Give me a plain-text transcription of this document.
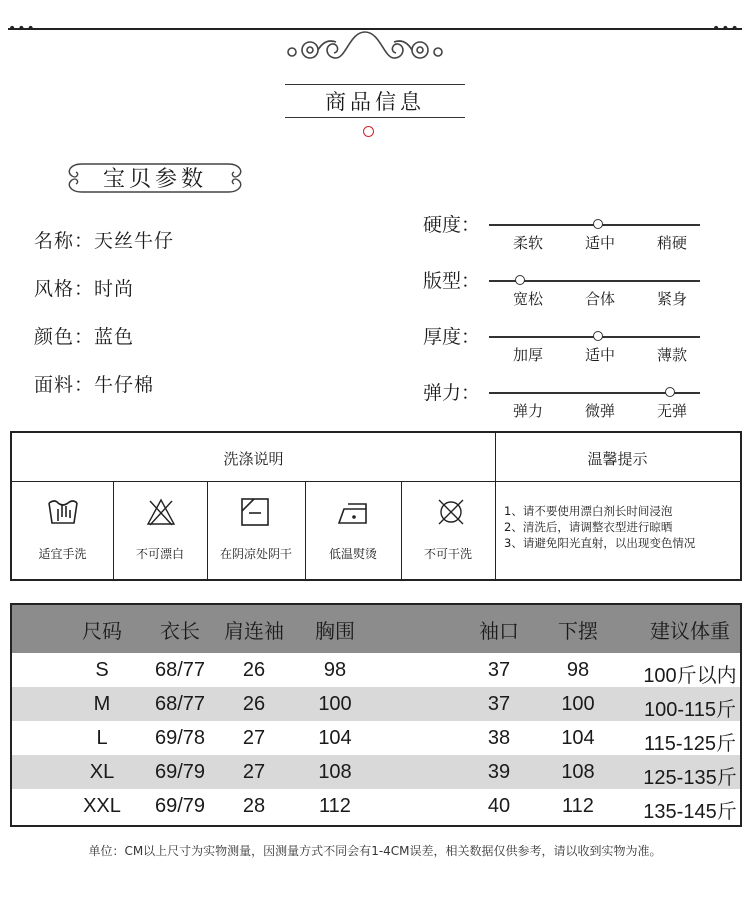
•••	•••
商品信息
宝贝参数
名称：天丝牛仔
风格：时尚
颜色：蓝色
面料：牛仔棉
硬度：
柔软	适中	稍硬
版型：
宽松	合体	紧身
厚度：
加厚	适中	薄款
弹力：
弹力	微弹	无弹
洗涤说明	温馨提示
适宜手洗	不可漂白	在阴凉处阴干	低温熨烫	不可干洗
1、请不要使用漂白剂长时间浸泡
2、清洗后，请调整衣型进行晾晒
3、请避免阳光直射，以出现变色情况
尺码	衣长	肩连袖	胸围	袖口	下摆	建议体重
S	68/77	26	98	37	98	100斤以内
M	68/77	26	100	37	100	100-115斤
L	69/78	27	104	38	104	115-125斤
XL	69/79	27	108	39	108	125-135斤
XXL	69/79	28	112	40	112	135-145斤
单位：CM以上尺寸为实物测量，因测量方式不同会有1-4CM误差，相关数据仅供参考，请以收到实物为准。
